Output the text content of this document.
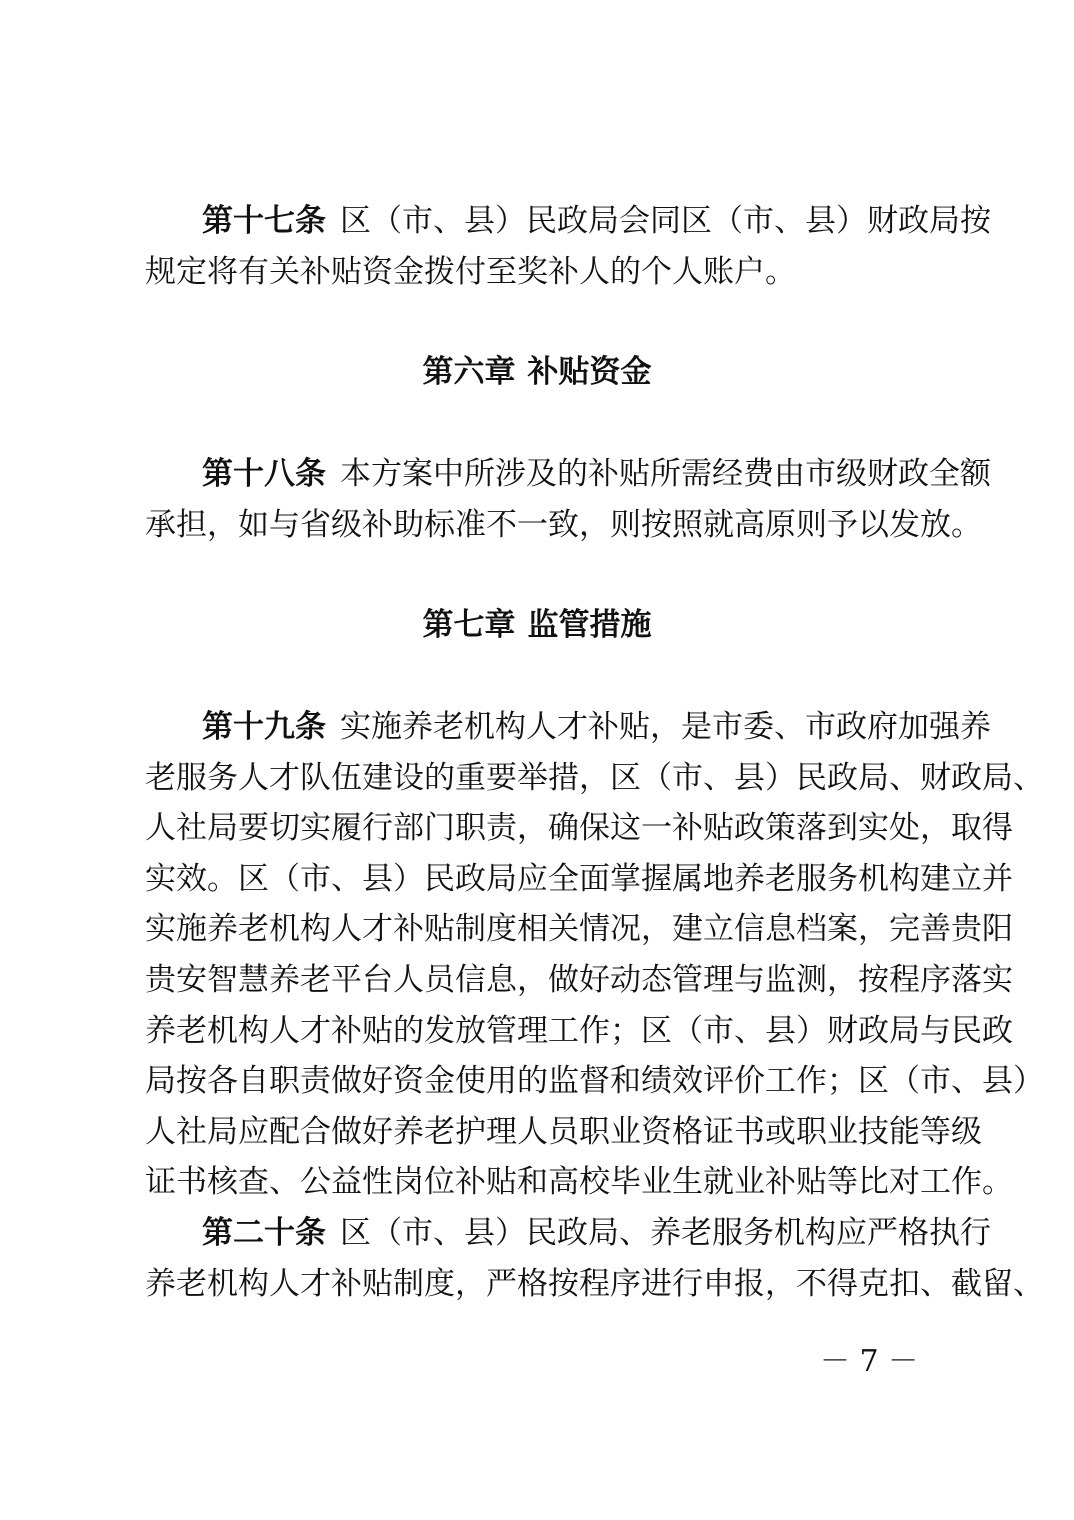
第十七条 区（市、县）民政局会同区（市、县）财政局按
规定将有关补贴资金拨付至奖补人的个人账户。
第六章 补贴资金
第十八条 本方案中所涉及的补贴所需经费由市级财政全额
承担，如与省级补助标准不一致，则按照就高原则予以发放。
第七章 监管措施
第十九条 实施养老机构人才补贴，是市委、市政府加强养
老服务人才队伍建设的重要举措，区（市、县）民政局、财政局、
人社局要切实履行部门职责，确保这一补贴政策落到实处，取得
实效。区（市、县）民政局应全面掌握属地养老服务机构建立并
实施养老机构人才补贴制度相关情况，建立信息档案，完善贵阳
贵安智慧养老平台人员信息，做好动态管理与监测，按程序落实
养老机构人才补贴的发放管理工作；区（市、县）财政局与民政
局按各自职责做好资金使用的监督和绩效评价工作；区（市、县）
人社局应配合做好养老护理人员职业资格证书或职业技能等级
证书核查、公益性岗位补贴和高校毕业生就业补贴等比对工作。
第二十条 区（市、县）民政局、养老服务机构应严格执行
养老机构人才补贴制度，严格按程序进行申报，不得克扣、截留、
－ 7 －
